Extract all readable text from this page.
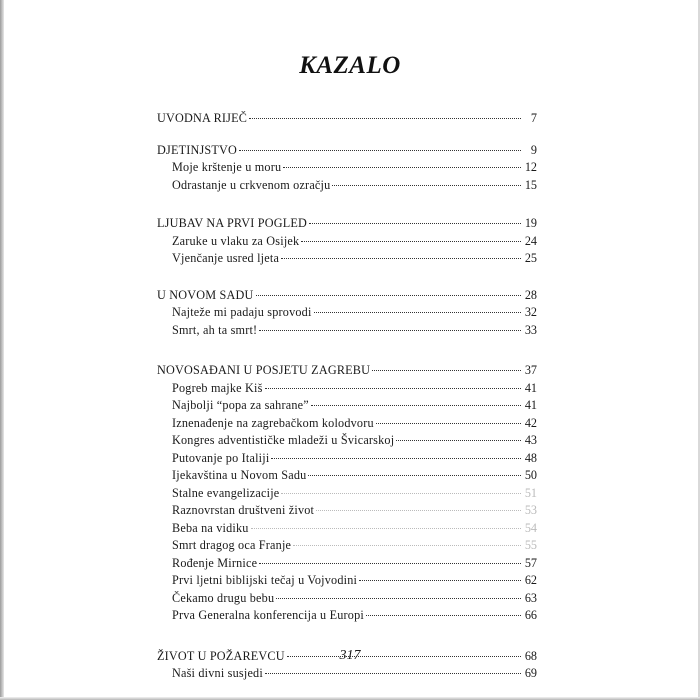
KAZALO
UVODNA RIJEČ	7
DJETINJSTVO	9
Moje krštenje u moru	12
Odrastanje u crkvenom ozračju	15
LJUBAV NA PRVI POGLED	19
Zaruke u vlaku za Osijek	24
Vjenčanje usred ljeta	25
U NOVOM SADU	28
Najteže mi padaju sprovodi	32
Smrt, ah ta smrt!	33
NOVOSAĐANI U POSJETU ZAGREBU	37
Pogreb majke Kiš	41
Najbolji “popa za sahrane”	41
Iznenađenje na zagrebačkom kolodvoru	42
Kongres adventističke mladeži u Švicarskoj	43
Putovanje po Italiji	48
Ijekavština u Novom Sadu	50
Stalne evangelizacije	51
Raznovrstan društveni život	53
Beba na vidiku	54
Smrt dragog oca Franje	55
Rođenje Mirnice	57
Prvi ljetni biblijski tečaj u Vojvodini	62
Čekamo drugu bebu	63
Prva Generalna konferencija u Europi	66
ŽIVOT U POŽAREVCU	68
Naši divni susjedi	69
317
